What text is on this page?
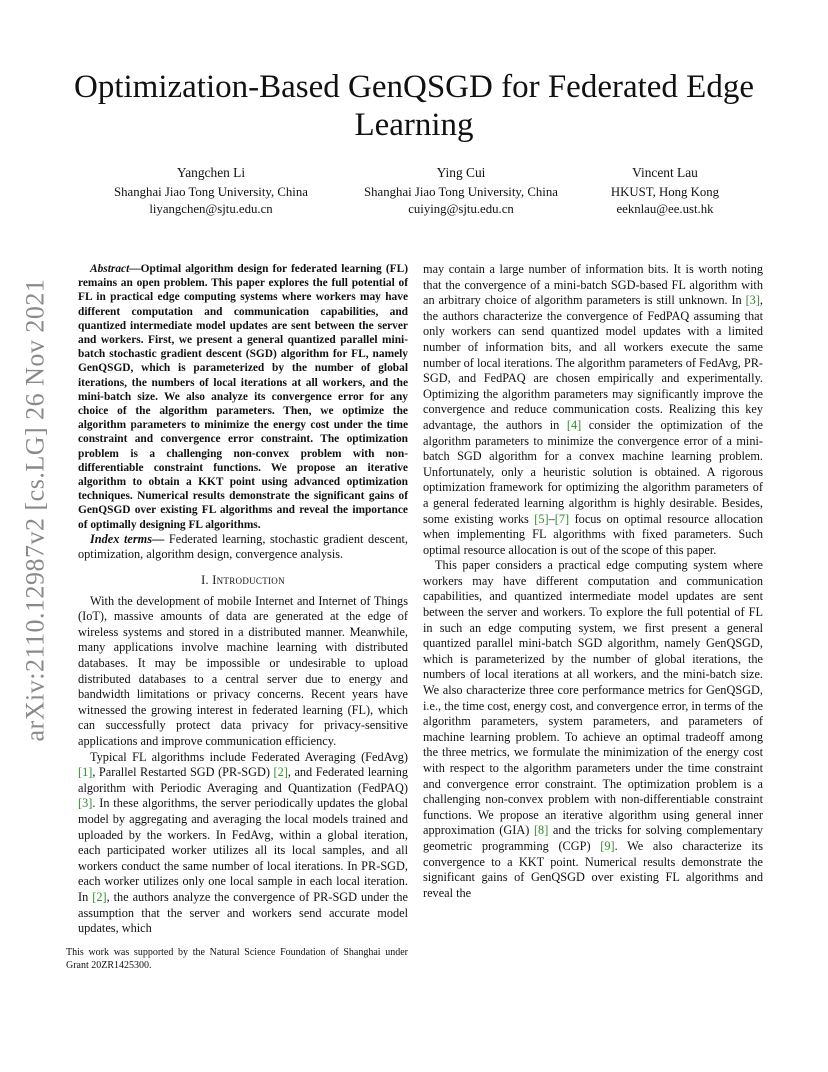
arXiv:2110.12987v2 [cs.LG] 26 Nov 2021
Optimization-Based GenQSGD for Federated Edge Learning
Yangchen Li
Shanghai Jiao Tong University, China
liyangchen@sjtu.edu.cn
Ying Cui
Shanghai Jiao Tong University, China
cuiying@sjtu.edu.cn
Vincent Lau
HKUST, Hong Kong
eeknlau@ee.ust.hk

Abstract—Optimal algorithm design for federated learning (FL) remains an open problem. This paper explores the full potential of FL in practical edge computing systems where workers may have different computation and communication capabilities, and quantized intermediate model updates are sent between the server and workers. First, we present a general quantized parallel mini-batch stochastic gradient descent (SGD) algorithm for FL, namely GenQSGD, which is parameterized by the number of global iterations, the numbers of local iterations at all workers, and the mini-batch size. We also analyze its convergence error for any choice of the algorithm parameters. Then, we optimize the algorithm parameters to minimize the energy cost under the time constraint and convergence error constraint. The optimization problem is a challenging non-convex problem with non-differentiable constraint functions. We propose an iterative algorithm to obtain a KKT point using advanced optimization techniques. Numerical results demonstrate the significant gains of GenQSGD over existing FL algorithms and reveal the importance of optimally designing FL algorithms.

Index terms— Federated learning, stochastic gradient descent, optimization, algorithm design, convergence analysis.

I. Introduction

With the development of mobile Internet and Internet of Things (IoT), massive amounts of data are generated at the edge of wireless systems and stored in a distributed manner. Meanwhile, many applications involve machine learning with distributed databases. It may be impossible or undesirable to upload distributed databases to a central server due to energy and bandwidth limitations or privacy concerns. Recent years have witnessed the growing interest in federated learning (FL), which can successfully protect data privacy for privacy-sensitive applications and improve communication efficiency.

Typical FL algorithms include Federated Averaging (FedAvg) [1], Parallel Restarted SGD (PR-SGD) [2], and Federated learning algorithm with Periodic Averaging and Quantization (FedPAQ) [3]. In these algorithms, the server periodically updates the global model by aggregating and averaging the local models trained and uploaded by the workers. In FedAvg, within a global iteration, each participated worker utilizes all its local samples, and all workers conduct the same number of local iterations. In PR-SGD, each worker utilizes only one local sample in each local iteration. In [2], the authors analyze the convergence of PR-SGD under the assumption that the server and workers send accurate model updates, which

This work was supported by the Natural Science Foundation of Shanghai under Grant 20ZR1425300.

may contain a large number of information bits. It is worth noting that the convergence of a mini-batch SGD-based FL algorithm with an arbitrary choice of algorithm parameters is still unknown. In [3], the authors characterize the convergence of FedPAQ assuming that only workers can send quantized model updates with a limited number of information bits, and all workers execute the same number of local iterations. The algorithm parameters of FedAvg, PR-SGD, and FedPAQ are chosen empirically and experimentally. Optimizing the algorithm parameters may significantly improve the convergence and reduce communication costs. Realizing this key advantage, the authors in [4] consider the optimization of the algorithm parameters to minimize the convergence error of a mini-batch SGD algorithm for a convex machine learning problem. Unfortunately, only a heuristic solution is obtained. A rigorous optimization framework for optimizing the algorithm parameters of a general federated learning algorithm is highly desirable. Besides, some existing works [5]–[7] focus on optimal resource allocation when implementing FL algorithms with fixed parameters. Such optimal resource allocation is out of the scope of this paper.

This paper considers a practical edge computing system where workers may have different computation and communication capabilities, and quantized intermediate model updates are sent between the server and workers. To explore the full potential of FL in such an edge computing system, we first present a general quantized parallel mini-batch SGD algorithm, namely GenQSGD, which is parameterized by the number of global iterations, the numbers of local iterations at all workers, and the mini-batch size. We also characterize three core performance metrics for GenQSGD, i.e., the time cost, energy cost, and convergence error, in terms of the algorithm parameters, system parameters, and parameters of machine learning problem. To achieve an optimal tradeoff among the three metrics, we formulate the minimization of the energy cost with respect to the algorithm parameters under the time constraint and convergence error constraint. The optimization problem is a challenging non-convex problem with non-differentiable constraint functions. We propose an iterative algorithm using general inner approximation (GIA) [8] and the tricks for solving complementary geometric programming (CGP) [9]. We also characterize its convergence to a KKT point. Numerical results demonstrate the significant gains of GenQSGD over existing FL algorithms and reveal the
